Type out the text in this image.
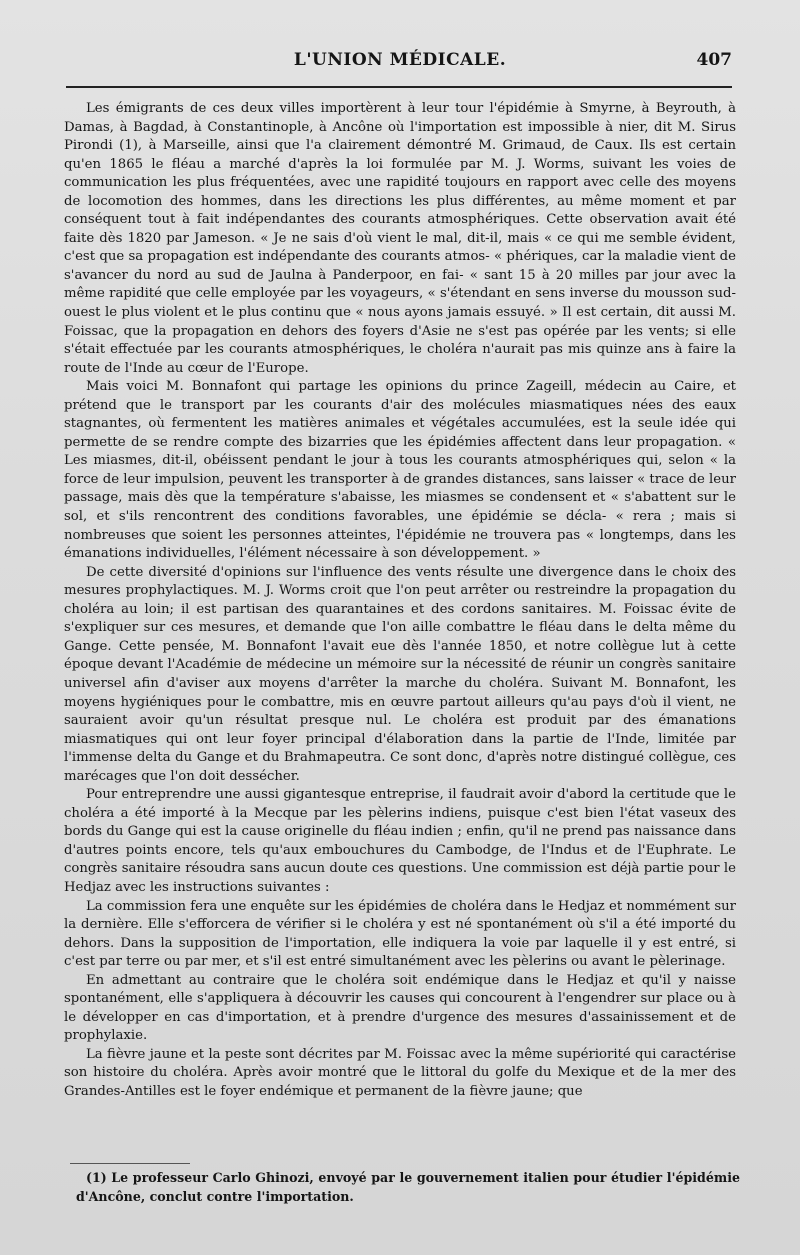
L'UNION MÉDICALE.	407

Les émigrants de ces deux villes importèrent à leur tour l'épidémie à Smyrne, à Beyrouth, à Damas, à Bagdad, à Constantinople, à Ancône où l'importation est impossible à nier, dit M. Sirus Pirondi (1), à Marseille, ainsi que l'a clairement démontré M. Grimaud, de Caux. Ils est certain qu'en 1865 le fléau a marché d'après la loi formulée par M. J. Worms, suivant les voies de communication les plus fréquentées, avec une rapidité toujours en rapport avec celle des moyens de locomotion des hommes, dans les directions les plus différentes, au même moment et par conséquent tout à fait indépendantes des courants atmosphériques. Cette observation avait été faite dès 1820 par Jameson. « Je ne sais d'où vient le mal, dit-il, mais « ce qui me semble évident, c'est que sa propagation est indépendante des courants atmos- « phériques, car la maladie vient de s'avancer du nord au sud de Jaulna à Panderpoor, en fai- « sant 15 à 20 milles par jour avec la même rapidité que celle employée par les voyageurs, « s'étendant en sens inverse du mousson sud-ouest le plus violent et le plus continu que « nous ayons jamais essuyé. » Il est certain, dit aussi M. Foissac, que la propagation en dehors des foyers d'Asie ne s'est pas opérée par les vents; si elle s'était effectuée par les courants atmosphériques, le choléra n'aurait pas mis quinze ans à faire la route de l'Inde au cœur de l'Europe.

Mais voici M. Bonnafont qui partage les opinions du prince Zageill, médecin au Caire, et prétend que le transport par les courants d'air des molécules miasmatiques nées des eaux stagnantes, où fermentent les matières animales et végétales accumulées, est la seule idée qui permette de se rendre compte des bizarries que les épidémies affectent dans leur propagation. « Les miasmes, dit-il, obéissent pendant le jour à tous les courants atmosphériques qui, selon « la force de leur impulsion, peuvent les transporter à de grandes distances, sans laisser « trace de leur passage, mais dès que la température s'abaisse, les miasmes se condensent et « s'abattent sur le sol, et s'ils rencontrent des conditions favorables, une épidémie se décla- « rera ; mais si nombreuses que soient les personnes atteintes, l'épidémie ne trouvera pas « longtemps, dans les émanations individuelles, l'élément nécessaire à son développement. »

De cette diversité d'opinions sur l'influence des vents résulte une divergence dans le choix des mesures prophylactiques. M. J. Worms croit que l'on peut arrêter ou restreindre la propagation du choléra au loin; il est partisan des quarantaines et des cordons sanitaires. M. Foissac évite de s'expliquer sur ces mesures, et demande que l'on aille combattre le fléau dans le delta même du Gange. Cette pensée, M. Bonnafont l'avait eue dès l'année 1850, et notre collègue lut à cette époque devant l'Académie de médecine un mémoire sur la nécessité de réunir un congrès sanitaire universel afin d'aviser aux moyens d'arrêter la marche du choléra. Suivant M. Bonnafont, les moyens hygiéniques pour le combattre, mis en œuvre partout ailleurs qu'au pays d'où il vient, ne sauraient avoir qu'un résultat presque nul. Le choléra est produit par des émanations miasmatiques qui ont leur foyer principal d'élaboration dans la partie de l'Inde, limitée par l'immense delta du Gange et du Brahmapeutra. Ce sont donc, d'après notre distingué collègue, ces marécages que l'on doit dessécher.

Pour entreprendre une aussi gigantesque entreprise, il faudrait avoir d'abord la certitude que le choléra a été importé à la Mecque par les pèlerins indiens, puisque c'est bien l'état vaseux des bords du Gange qui est la cause originelle du fléau indien ; enfin, qu'il ne prend pas naissance dans d'autres points encore, tels qu'aux embouchures du Cambodge, de l'Indus et de l'Euphrate. Le congrès sanitaire résoudra sans aucun doute ces questions. Une commission est déjà partie pour le Hedjaz avec les instructions suivantes :

La commission fera une enquête sur les épidémies de choléra dans le Hedjaz et nommément sur la dernière. Elle s'efforcera de vérifier si le choléra y est né spontanément où s'il a été importé du dehors. Dans la supposition de l'importation, elle indiquera la voie par laquelle il y est entré, si c'est par terre ou par mer, et s'il est entré simultanément avec les pèlerins ou avant le pèlerinage.

En admettant au contraire que le choléra soit endémique dans le Hedjaz et qu'il y naisse spontanément, elle s'appliquera à découvrir les causes qui concourent à l'engendrer sur place ou à le développer en cas d'importation, et à prendre d'urgence des mesures d'assainissement et de prophylaxie.

La fièvre jaune et la peste sont décrites par M. Foissac avec la même supériorité qui caractérise son histoire du choléra. Après avoir montré que le littoral du golfe du Mexique et de la mer des Grandes-Antilles est le foyer endémique et permanent de la fièvre jaune; que

(1) Le professeur Carlo Ghinozi, envoyé par le gouvernement italien pour étudier l'épidémie d'Ancône, conclut contre l'importation.
